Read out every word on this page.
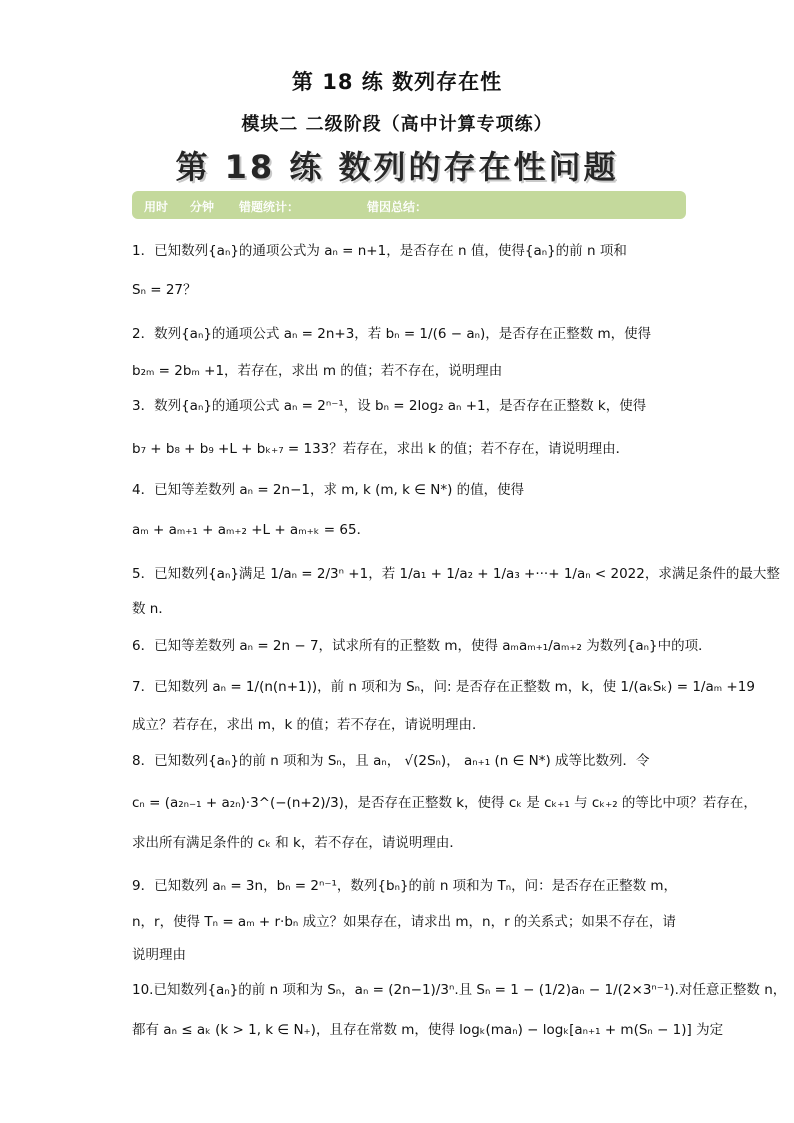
第 18 练 数列存在性
模块二 二级阶段（高中计算专项练）
第 18 练 数列的存在性问题
用时 分钟 错题统计：	错因总结：
1．已知数列{aₙ}的通项公式为 aₙ = n+1，是否存在 n 值，使得{aₙ}的前 n 项和
Sₙ = 27？
2．数列{aₙ}的通项公式 aₙ = 2n+3，若 bₙ = 1/(6 − aₙ)，是否存在正整数 m，使得
b₂ₘ = 2bₘ +1，若存在，求出 m 的值；若不存在，说明理由
3．数列{aₙ}的通项公式 aₙ = 2ⁿ⁻¹，设 bₙ = 2log₂ aₙ +1，是否存在正整数 k，使得
b₇ + b₈ + b₉ +L + bₖ₊₇ = 133？若存在，求出 k 的值；若不存在，请说明理由．
4．已知等差数列 aₙ = 2n−1，求 m, k (m, k ∈ N*) 的值，使得
aₘ + aₘ₊₁ + aₘ₊₂ +L + aₘ₊ₖ = 65．
5．已知数列{aₙ}满足 1/aₙ = 2/3ⁿ +1，若 1/a₁ + 1/a₂ + 1/a₃ +···+ 1/aₙ < 2022，求满足条件的最大整
数 n．
6．已知等差数列 aₙ = 2n − 7，试求所有的正整数 m，使得 aₘaₘ₊₁/aₘ₊₂ 为数列{aₙ}中的项．
7．已知数列 aₙ = 1/(n(n+1))，前 n 项和为 Sₙ，问: 是否存在正整数 m，k，使 1/(aₖSₖ) = 1/aₘ +19
成立？若存在，求出 m，k 的值；若不存在，请说明理由．
8．已知数列{aₙ}的前 n 项和为 Sₙ，且 aₙ， √(2Sₙ)， aₙ₊₁ (n ∈ N*) 成等比数列．令
cₙ = (a₂ₙ₋₁ + a₂ₙ)·3^(−(n+2)/3)，是否存在正整数 k，使得 cₖ 是 cₖ₊₁ 与 cₖ₊₂ 的等比中项？若存在，
求出所有满足条件的 cₖ 和 k，若不存在，请说明理由．
9．已知数列 aₙ = 3n，bₙ = 2ⁿ⁻¹，数列{bₙ}的前 n 项和为 Tₙ，问：是否存在正整数 m，
n，r，使得 Tₙ = aₘ + r·bₙ 成立？如果存在，请求出 m，n，r 的关系式；如果不存在，请
说明理由
10.已知数列{aₙ}的前 n 项和为 Sₙ，aₙ = (2n−1)/3ⁿ.且 Sₙ = 1 − (1/2)aₙ − 1/(2×3ⁿ⁻¹).对任意正整数 n，
都有 aₙ ≤ aₖ (k > 1, k ∈ N₊)，且存在常数 m，使得 logₖ(maₙ) − logₖ[aₙ₊₁ + m(Sₙ − 1)] 为定
